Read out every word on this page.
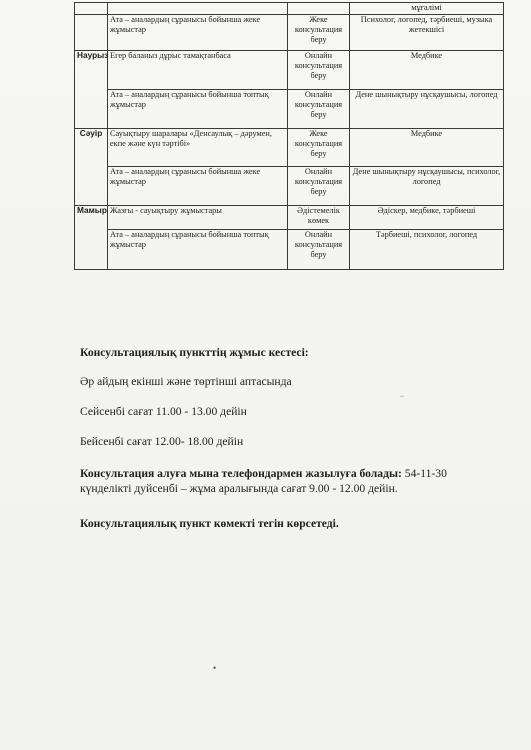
			мұғалімі
	Ата – аналардың сұранысы бойынша жеке жұмыстар	Жеке консультация беру	Психолог, логопед, тәрбиеші, музыка жетекшісі
Наурыз	Егер баланыз дұрыс тамақтанбаса	Онлайн консультация беру	Медбике
	Ата – аналардың сұранысы бойынша топтық жұмыстар	Онлайн консультация беру	Дене шынықтыру нұсқаушысы, логопед
Сәуір	Сауықтыру шаралары «Денсаулық – дәрумен, екпе және күн тәртібі»	Жеке консультация беру	Медбике
	Ата – аналардың сұранысы бойынша жеке жұмыстар	Онлайн консультация беру	Дене шынықтыру нұсқаушысы, психолог, логопед
Мамыр	Жазғы - сауықтыру жұмыстары	Әдістемелік көмек	Әдіскер, медбике, тәрбиеші
	Ата – аналардың сұранысы бойынша топтық жұмыстар	Онлайн консультация беру	Тәрбиеші, психолог, логопед
Консультациялық пункттің жұмыс кестесі:
Әр айдың екінші және төртінші аптасында
Сейсенбі сағат 11.00 - 13.00 дейін
Бейсенбі сағат 12.00- 18.00 дейін
Консультация алуға мына телефондармен жазылуға болады: 54-11-30
күнделікті дуйсенбі – жұма аралығында сағат 9.00 - 12.00 дейін.
Консультациялық пункт көмекті тегін көрсетеді.
~
•
